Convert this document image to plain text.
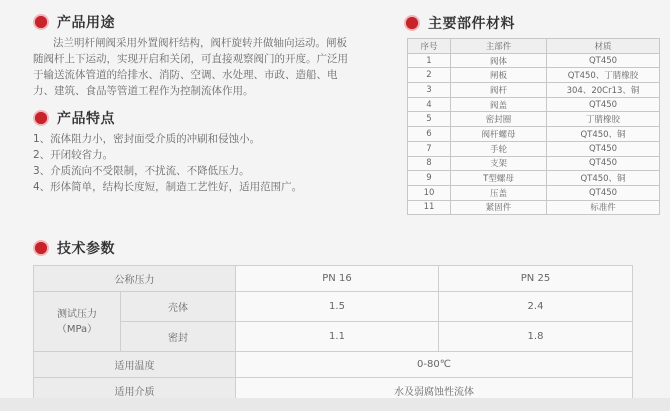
产品用途
法兰明杆闸阀采用外置阀杆结构，阀杆旋转并做轴向运动。闸板
随阀杆上下运动，实现开启和关闭，可直接观察阀门的开度。广泛用
于输送流体管道的给排水、消防、空调、水处理、市政、造船、电
力、建筑、食品等管道工程作为控制流体作用。
产品特点
1、流体阻力小，密封面受介质的冲刷和侵蚀小。
2、开闭较省力。
3、介质流向不受限制，不扰流、不降低压力。
4、形体简单，结构长度短，制造工艺性好，适用范围广。
主要部件材料
序号	主部件	材质
1	阀体	QT450
2	闸板	QT450、丁腈橡胶
3	阀杆	304、20Cr13、铜
4	阀盖	QT450
5	密封圈	丁腈橡胶
6	阀杆螺母	QT450、铜
7	手轮	QT450
8	支架	QT450
9	T型螺母	QT450、铜
10	压盖	QT450
11	紧固件	标准件
技术参数
公称压力		PN 16	PN 25

测试压力
（MPa）	壳体	1.5	2.4
	密封	1.1	1.8
适用温度		0-80℃	
适用介质		水及弱腐蚀性流体	
